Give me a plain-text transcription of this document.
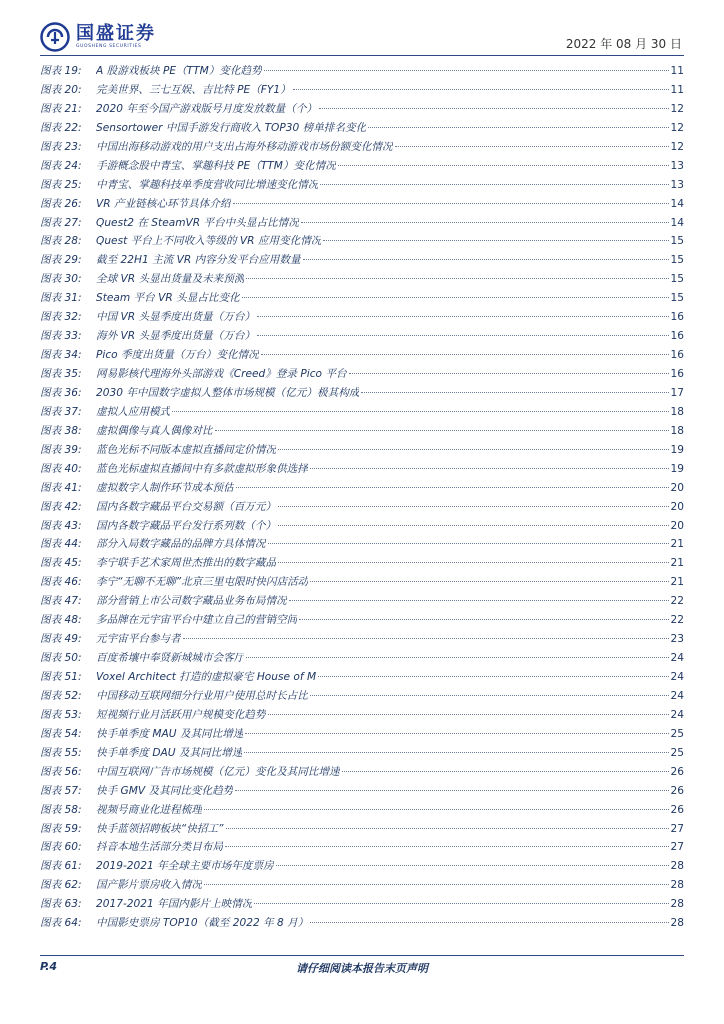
国盛证券
GUOSHENG SECURITIES	2022 年 08 月 30 日
图表 19:	A 股游戏板块 PE（TTM）变化趋势	11
图表 20:	完美世界、三七互娱、吉比特 PE（FY1）	11
图表 21:	2020 年至今国产游戏版号月度发放数量（个）	12
图表 22:	Sensortower 中国手游发行商收入 TOP30 榜单排名变化	12
图表 23:	中国出海移动游戏的用户支出占海外移动游戏市场份额变化情况	12
图表 24:	手游概念股中青宝、掌趣科技 PE（TTM）变化情况	13
图表 25:	中青宝、掌趣科技单季度营收同比增速变化情况	13
图表 26:	VR 产业链核心环节具体介绍	14
图表 27:	Quest2 在 SteamVR 平台中头显占比情况	14
图表 28:	Quest 平台上不同收入等级的 VR 应用变化情况	15
图表 29:	截至 22H1 主流 VR 内容分发平台应用数量	15
图表 30:	全球 VR 头显出货量及未来预测	15
图表 31:	Steam 平台 VR 头显占比变化	15
图表 32:	中国 VR 头显季度出货量（万台）	16
图表 33:	海外 VR 头显季度出货量（万台）	16
图表 34:	Pico 季度出货量（万台）变化情况	16
图表 35:	网易影核代理海外头部游戏《Creed》登录 Pico 平台	16
图表 36:	2030 年中国数字虚拟人整体市场规模（亿元）极其构成	17
图表 37:	虚拟人应用模式	18
图表 38:	虚拟偶像与真人偶像对比	18
图表 39:	蓝色光标不同版本虚拟直播间定价情况	19
图表 40:	蓝色光标虚拟直播间中有多款虚拟形象供选择	19
图表 41:	虚拟数字人制作环节成本预估	20
图表 42:	国内各数字藏品平台交易额（百万元）	20
图表 43:	国内各数字藏品平台发行系列数（个）	20
图表 44:	部分入局数字藏品的品牌方具体情况	21
图表 45:	李宁联手艺术家周世杰推出的数字藏品	21
图表 46:	李宁“无聊不无聊”北京三里屯限时快闪店活动	21
图表 47:	部分营销上市公司数字藏品业务布局情况	22
图表 48:	多品牌在元宇宙平台中建立自己的营销空间	22
图表 49:	元宇宙平台参与者	23
图表 50:	百度希壤中奉贤新城城市会客厅	24
图表 51:	Voxel Architect 打造的虚拟豪宅 House of M	24
图表 52:	中国移动互联网细分行业用户使用总时长占比	24
图表 53:	短视频行业月活跃用户规模变化趋势	24
图表 54:	快手单季度 MAU 及其同比增速	25
图表 55:	快手单季度 DAU 及其同比增速	25
图表 56:	中国互联网广告市场规模（亿元）变化及其同比增速	26
图表 57:	快手 GMV 及其同比变化趋势	26
图表 58:	视频号商业化进程梳理	26
图表 59:	快手蓝领招聘板块“快招工”	27
图表 60:	抖音本地生活部分类目布局	27
图表 61:	2019-2021 年全球主要市场年度票房	28
图表 62:	国产影片票房收入情况	28
图表 63:	2017-2021 年国内影片上映情况	28
图表 64:	中国影史票房 TOP10（截至 2022 年 8 月）	28
P.4	请仔细阅读本报告末页声明
